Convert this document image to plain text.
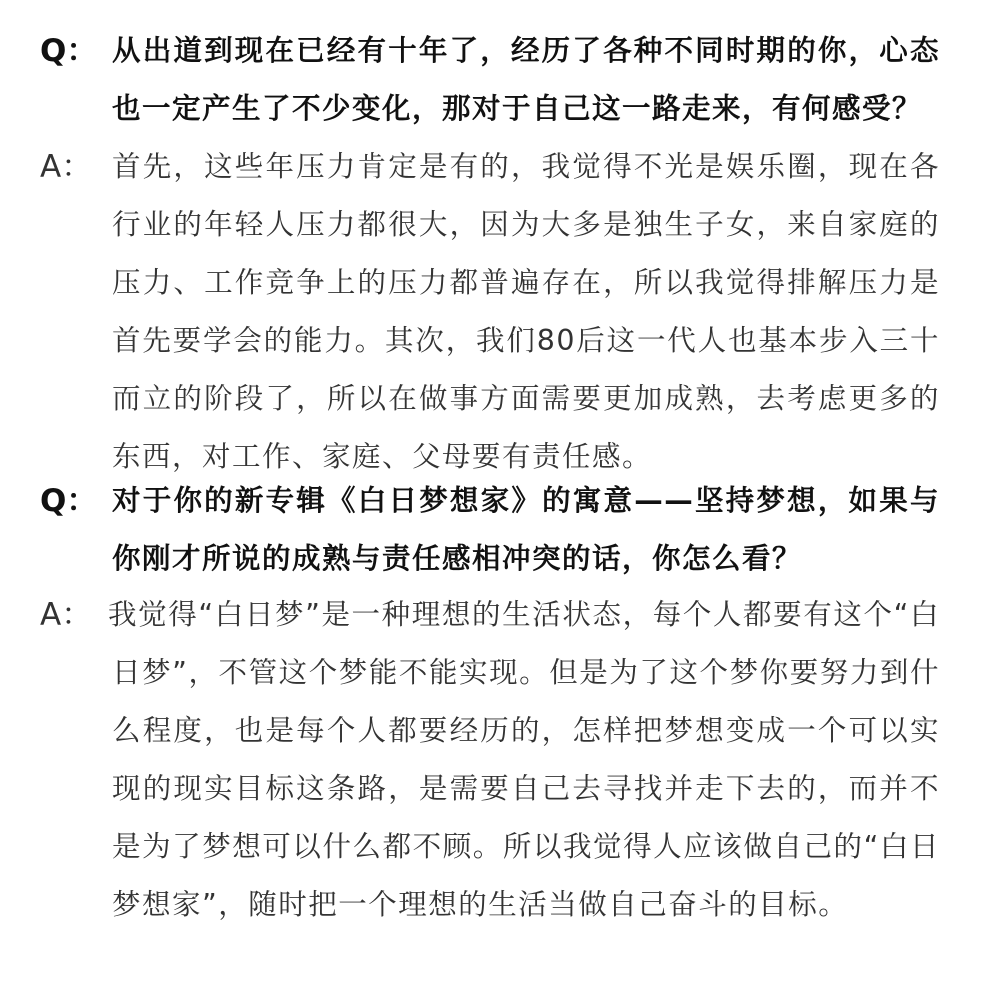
Q： 从出道到现在已经有十年了，经历了各种不同时期的你，心态也一定产生了不少变化，那对于自己这一路走来，有何感受？
A： 首先，这些年压力肯定是有的，我觉得不光是娱乐圈，现在各行业的年轻人压力都很大，因为大多是独生子女，来自家庭的压力、工作竞争上的压力都普遍存在，所以我觉得排解压力是首先要学会的能力。其次，我们80后这一代人也基本步入三十而立的阶段了，所以在做事方面需要更加成熟，去考虑更多的东西，对工作、家庭、父母要有责任感。
Q： 对于你的新专辑《白日梦想家》的寓意——坚持梦想，如果与你刚才所说的成熟与责任感相冲突的话，你怎么看？
A： 我觉得“白日梦”是一种理想的生活状态，每个人都要有这个“白日梦”，不管这个梦能不能实现。但是为了这个梦你要努力到什么程度，也是每个人都要经历的，怎样把梦想变成一个可以实现的现实目标这条路，是需要自己去寻找并走下去的，而并不是为了梦想可以什么都不顾。所以我觉得人应该做自己的“白日梦想家”，随时把一个理想的生活当做自己奋斗的目标。
